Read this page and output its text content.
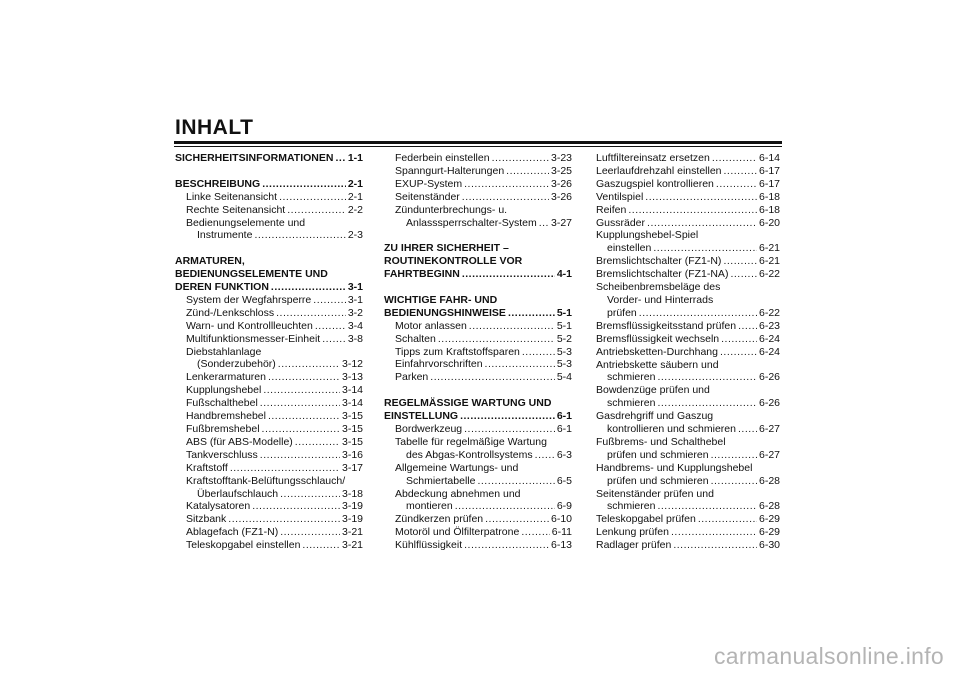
INHALT
SICHERHEITSINFORMATIONEN ..... 1-1
BESCHREIBUNG .....	2-1
Linke Seitenansicht .....	2-1
Rechte Seitenansicht .....	2-2
Bedienungselemente und
Instrumente .....	2-3
ARMATUREN,
BEDIENUNGSELEMENTE UND
DEREN FUNKTION .....	3-1
System der Wegfahrsperre .....	3-1
Zünd-/Lenkschloss .....	3-2
Warn- und Kontrollleuchten .....	3-4
Multifunktionsmesser-Einheit .....	3-8
Diebstahlanlage
(Sonderzubehör) .....	3-12
Lenkerarmaturen .....	3-13
Kupplungshebel .....	3-14
Fußschalthebel .....	3-14
Handbremshebel .....	3-15
Fußbremshebel .....	3-15
ABS (für ABS-Modelle) .....	3-15
Tankverschluss .....	3-16
Kraftstoff .....	3-17
Kraftstofftank-Belüftungsschlauch/
Überlaufschlauch .....	3-18
Katalysatoren .....	3-19
Sitzbank .....	3-19
Ablagefach (FZ1-N) .....	3-21
Teleskopgabel einstellen .....	3-21
Federbein einstellen .....	3-23
Spanngurt-Halterungen .....	3-25
EXUP-System .....	3-26
Seitenständer .....	3-26
Zündunterbrechungs- u.
Anlasssperrschalter-System ..... 3-27
ZU IHRER SICHERHEIT –
ROUTINEKONTROLLE VOR
FAHRTBEGINN .....	4-1
WICHTIGE FAHR- UND
BEDIENUNGSHINWEISE .....	5-1
Motor anlassen .....	5-1
Schalten .....	5-2
Tipps zum Kraftstoffsparen .....	5-3
Einfahrvorschriften .....	5-3
Parken .....	5-4
REGELMÄSSIGE WARTUNG UND
EINSTELLUNG .....	6-1
Bordwerkzeug .....	6-1
Tabelle für regelmäßige Wartung
des Abgas-Kontrollsystems ..... 6-3
Allgemeine Wartungs- und
Schmiertabelle .....	6-5
Abdeckung abnehmen und
montieren .....	6-9
Zündkerzen prüfen .....	6-10
Motoröl und Ölfilterpatrone .....	6-11
Kühlflüssigkeit .....	6-13
Luftfiltereinsatz ersetzen .....	6-14
Leerlaufdrehzahl einstellen .....	6-17
Gaszugspiel kontrollieren .....	6-17
Ventilspiel .....	6-18
Reifen .....	6-18
Gussräder .....	6-20
Kupplungshebel-Spiel
einstellen .....	6-21
Bremslichtschalter (FZ1-N) .....	6-21
Bremslichtschalter (FZ1-NA) .....	6-22
Scheibenbremsbeläge des
Vorder- und Hinterrads
prüfen .....	6-22
Bremsflüssigkeitsstand prüfen ..... 6-23
Bremsflüssigkeit wechseln .....	6-24
Antriebsketten-Durchhang .....	6-24
Antriebskette säubern und
schmieren .....	6-26
Bowdenzüge prüfen und
schmieren .....	6-26
Gasdrehgriff und Gaszug
kontrollieren und schmieren ..... 6-27
Fußbrems- und Schalthebel
prüfen und schmieren .....	6-27
Handbrems- und Kupplungshebel
prüfen und schmieren .....	6-28
Seitenständer prüfen und
schmieren .....	6-28
Teleskopgabel prüfen .....	6-29
Lenkung prüfen .....	6-29
Radlager prüfen .....	6-30
carmanualsonline.info
